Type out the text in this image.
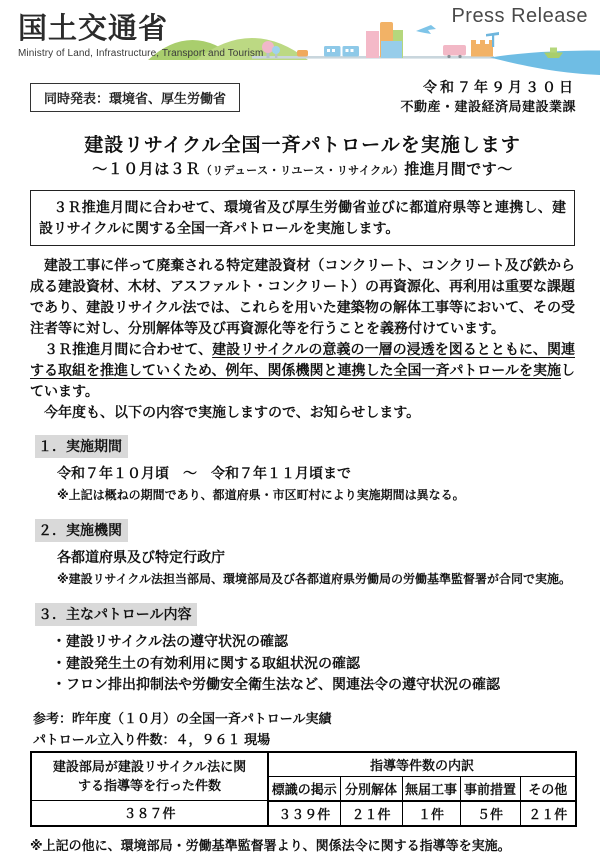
国土交通省
Ministry of Land, Infrastructure, Transport and Tourism
Press Release
同時発表：環境省、厚生労働省
令和７年９月３０日
不動産・建設経済局建設業課
建設リサイクル全国一斉パトロールを実施します
～１０月は３Ｒ（リデュース・リユース・リサイクル）推進月間です～
　３Ｒ推進月間に合わせて、環境省及び厚生労働省並びに都道府県等と連携し、建設リサイクルに関する全国一斉パトロールを実施します。
　建設工事に伴って廃棄される特定建設資材（コンクリート、コンクリート及び鉄から成る建設資材、木材、アスファルト・コンクリート）の再資源化、再利用は重要な課題であり、建設リサイクル法では、これらを用いた建築物の解体工事等において、その受注者等に対し、分別解体等及び再資源化等を行うことを義務付けています。
　３Ｒ推進月間に合わせて、建設リサイクルの意義の一層の浸透を図るとともに、関連する取組を推進していくため、例年、関係機関と連携した全国一斉パトロールを実施しています。
　今年度も、以下の内容で実施しますので、お知らせします。
１．実施期間
令和７年１０月頃　～　令和７年１１月頃まで
※上記は概ねの期間であり、都道府県・市区町村により実施期間は異なる。
２．実施機関
各都道府県及び特定行政庁
※建設リサイクル法担当部局、環境部局及び各都道府県労働局の労働基準監督署が合同で実施。
３．主なパトロール内容
・建設リサイクル法の遵守状況の確認
・建設発生土の有効利用に関する取組状況の確認
・フロン排出抑制法や労働安全衛生法など、関連法令の遵守状況の確認
参考：昨年度（１０月）の全国一斉パトロール実績
パトロール立入り件数：４，９６１ 現場
建設部局が建設リサイクル法に関
する指導等を行った件数	指導等件数の内訳				
	標識の掲示	分別解体	無届工事	事前措置	その他
３８７件	３３９件	２１件	１件	５件	２１件
※上記の他に、環境部局・労働基準監督署より、関係法令に関する指導等を実施。
